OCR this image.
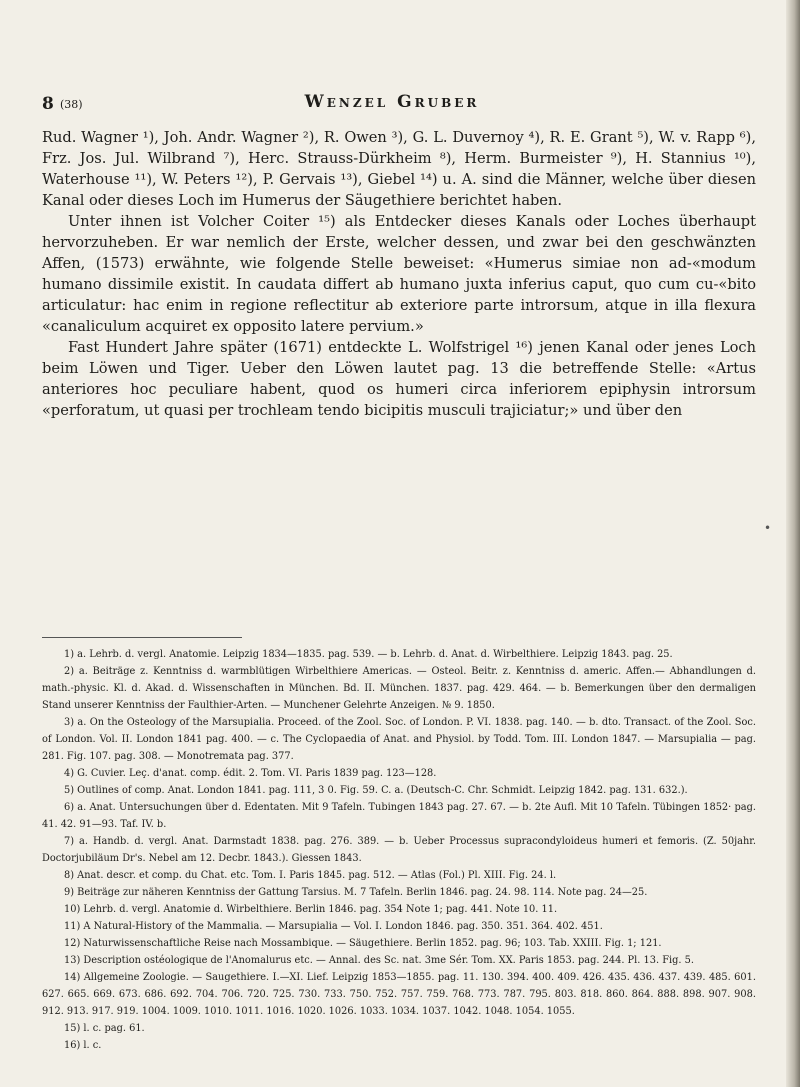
8 (38)	Wenzel Gruber

Rud. Wagner ¹), Joh. Andr. Wagner ²), R. Owen ³), G. L. Duvernoy ⁴), R. E. Grant ⁵), W. v. Rapp ⁶), Frz. Jos. Jul. Wilbrand ⁷), Herc. Strauss-Dürkheim ⁸), Herm. Burmeister ⁹), H. Stannius ¹⁰), Waterhouse ¹¹), W. Peters ¹²), P. Gervais ¹³), Giebel ¹⁴) u. A. sind die Männer, welche über diesen Kanal oder dieses Loch im Humerus der Säugethiere berichtet haben.

Unter ihnen ist Volcher Coiter ¹⁵) als Entdecker dieses Kanals oder Loches überhaupt hervorzuheben. Er war nemlich der Erste, welcher dessen, und zwar bei den geschwänzten Affen, (1573) erwähnte, wie folgende Stelle beweiset: «Humerus simiae non ad-«modum humano dissimile existit. In caudata differt ab humano juxta inferius caput, quo cum cu-«bito articulatur: hac enim in regione reflectitur ab exteriore parte introrsum, atque in illa flexura «canaliculum acquiret ex opposito latere pervium.»

Fast Hundert Jahre später (1671) entdeckte L. Wolfstrigel ¹⁶) jenen Kanal oder jenes Loch beim Löwen und Tiger. Ueber den Löwen lautet pag. 13 die betreffende Stelle: «Artus anteriores hoc peculiare habent, quod os humeri circa inferiorem epiphysin introrsum «perforatum, ut quasi per trochleam tendo bicipitis musculi trajiciatur;» und über den

•

1) a. Lehrb. d. vergl. Anatomie. Leipzig 1834—1835. pag. 539. — b. Lehrb. d. Anat. d. Wirbelthiere. Leipzig 1843. pag. 25.

2) a. Beiträge z. Kenntniss d. warmblütigen Wirbelthiere Americas. — Osteol. Beitr. z. Kenntniss d. americ. Affen.— Abhandlungen d. math.-physic. Kl. d. Akad. d. Wissenschaften in München. Bd. II. München. 1837. pag. 429. 464. — b. Bemerkungen über den dermaligen Stand unserer Kenntniss der Faulthier-Arten. — Munchener Gelehrte Anzeigen. № 9. 1850.

3) a. On the Osteology of the Marsupialia. Proceed. of the Zool. Soc. of London. P. VI. 1838. pag. 140. — b. dto. Transact. of the Zool. Soc. of London. Vol. II. London 1841 pag. 400. — c. The Cyclopaedia of Anat. and Physiol. by Todd. Tom. III. London 1847. — Marsupialia — pag. 281. Fig. 107. pag. 308. — Monotremata pag. 377.

4) G. Cuvier. Leç. d'anat. comp. édit. 2. Tom. VI. Paris 1839 pag. 123—128.

5) Outlines of comp. Anat. London 1841. pag. 111, 3 0. Fig. 59. C. a. (Deutsch-C. Chr. Schmidt. Leipzig 1842. pag. 131. 632.).

6) a. Anat. Untersuchungen über d. Edentaten. Mit 9 Tafeln. Tubingen 1843 pag. 27. 67. — b. 2te Aufl. Mit 10 Tafeln. Tübingen 1852· pag. 41. 42. 91—93. Taf. IV. b.

7) a. Handb. d. vergl. Anat. Darmstadt 1838. pag. 276. 389. — b. Ueber Processus supracondyloideus humeri et femoris. (Z. 50jahr. Doctorjubiläum Dr's. Nebel am 12. Decbr. 1843.). Giessen 1843.

8) Anat. descr. et comp. du Chat. etc. Tom. I. Paris 1845. pag. 512. — Atlas (Fol.) Pl. XIII. Fig. 24. l.

9) Beiträge zur näheren Kenntniss der Gattung Tarsius. M. 7 Tafeln. Berlin 1846. pag. 24. 98. 114. Note pag. 24—25.

10) Lehrb. d. vergl. Anatomie d. Wirbelthiere. Berlin 1846. pag. 354 Note 1; pag. 441. Note 10. 11.

11) A Natural-History of the Mammalia. — Marsupialia — Vol. I. London 1846. pag. 350. 351. 364. 402. 451.

12) Naturwissenschaftliche Reise nach Mossambique. — Säugethiere. Berlin 1852. pag. 96; 103. Tab. XXIII. Fig. 1; 121.

13) Description ostéologique de l'Anomalurus etc. — Annal. des Sc. nat. 3me Sér. Tom. XX. Paris 1853. pag. 244. Pl. 13. Fig. 5.

14) Allgemeine Zoologie. — Saugethiere. I.—XI. Lief. Leipzig 1853—1855. pag. 11. 130. 394. 400. 409. 426. 435. 436. 437. 439. 485. 601. 627. 665. 669. 673. 686. 692. 704. 706. 720. 725. 730. 733. 750. 752. 757. 759. 768. 773. 787. 795. 803. 818. 860. 864. 888. 898. 907. 908. 912. 913. 917. 919. 1004. 1009. 1010. 1011. 1016. 1020. 1026. 1033. 1034. 1037. 1042. 1048. 1054. 1055.

15) l. c. pag. 61.

16) l. c.
